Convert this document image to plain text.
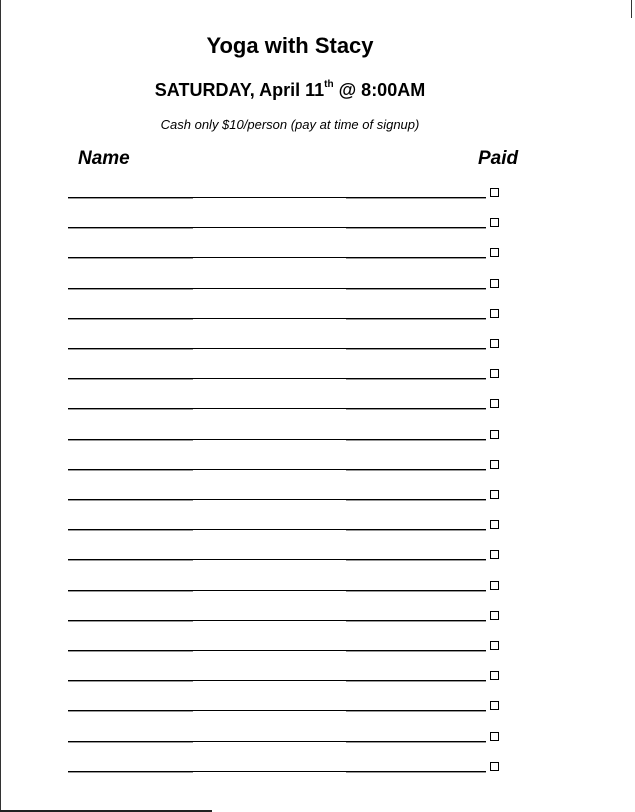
Yoga with Stacy
SATURDAY, April 11th @ 8:00AM
Cash only $10/person (pay at time of signup)
Name	Paid
